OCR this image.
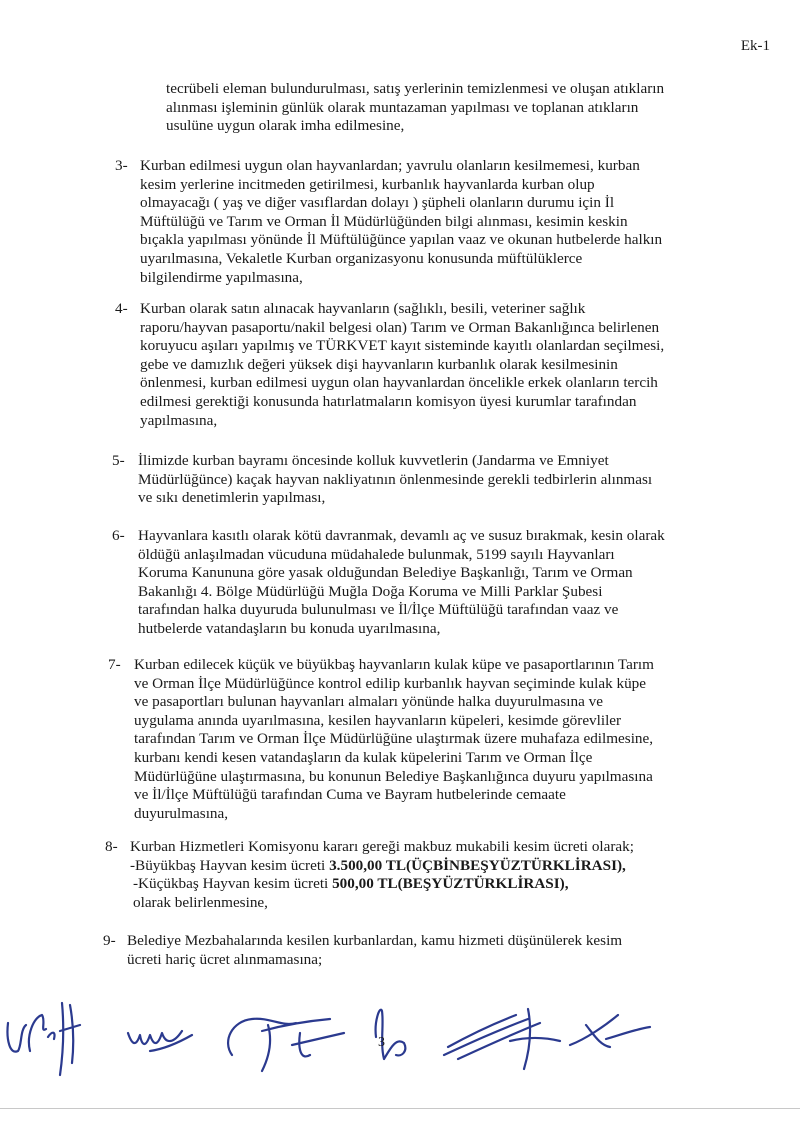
Ek-1
tecrübeli eleman bulundurulması, satış yerlerinin temizlenmesi ve oluşan atıkların
alınması işleminin günlük olarak muntazaman yapılması ve toplanan atıkların
usulüne uygun olarak imha edilmesine,
3- Kurban edilmesi uygun olan hayvanlardan; yavrulu olanların kesilmemesi, kurban
kesim yerlerine incitmeden getirilmesi, kurbanlık hayvanlarda kurban olup
olmayacağı ( yaş ve diğer vasıflardan dolayı ) şüpheli olanların durumu için İl
Müftülüğü ve Tarım ve Orman İl Müdürlüğünden bilgi alınması, kesimin keskin
bıçakla yapılması yönünde İl Müftülüğünce yapılan vaaz ve okunan hutbelerde halkın
uyarılmasına, Vekaletle Kurban organizasyonu konusunda müftülüklerce
bilgilendirme yapılmasına,
4- Kurban olarak satın alınacak hayvanların (sağlıklı, besili, veteriner sağlık
raporu/hayvan pasaportu/nakil belgesi olan) Tarım ve Orman Bakanlığınca belirlenen
koruyucu aşıları yapılmış ve TÜRKVET kayıt sisteminde kayıtlı olanlardan seçilmesi,
gebe ve damızlık değeri yüksek dişi hayvanların kurbanlık olarak kesilmesinin
önlenmesi, kurban edilmesi uygun olan hayvanlardan öncelikle erkek olanların tercih
edilmesi gerektiği konusunda hatırlatmaların komisyon üyesi kurumlar tarafından
yapılmasına,
5- İlimizde kurban bayramı öncesinde kolluk kuvvetlerin (Jandarma ve Emniyet
Müdürlüğünce) kaçak hayvan nakliyatının önlenmesinde gerekli tedbirlerin alınması
ve sıkı denetimlerin yapılması,
6- Hayvanlara kasıtlı olarak kötü davranmak, devamlı aç ve susuz bırakmak, kesin olarak
öldüğü anlaşılmadan vücuduna müdahalede bulunmak, 5199 sayılı Hayvanları
Koruma Kanununa göre yasak olduğundan Belediye Başkanlığı, Tarım ve Orman
Bakanlığı 4. Bölge Müdürlüğü Muğla Doğa Koruma ve Milli Parklar Şubesi
tarafından halka duyuruda bulunulması ve İl/İlçe Müftülüğü tarafından vaaz ve
hutbelerde vatandaşların bu konuda uyarılmasına,
7- Kurban edilecek küçük ve büyükbaş hayvanların kulak küpe ve pasaportlarının Tarım
ve Orman İlçe Müdürlüğünce kontrol edilip kurbanlık hayvan seçiminde kulak küpe
ve pasaportları bulunan hayvanları almaları yönünde halka duyurulmasına ve
uygulama anında uyarılmasına, kesilen hayvanların küpeleri, kesimde görevliler
tarafından Tarım ve Orman İlçe Müdürlüğüne ulaştırmak üzere muhafaza edilmesine,
kurbanı kendi kesen vatandaşların da kulak küpelerini Tarım ve Orman İlçe
Müdürlüğüne ulaştırmasına, bu konunun Belediye Başkanlığınca duyuru yapılmasına
ve İl/İlçe Müftülüğü tarafından Cuma ve Bayram hutbelerinde cemaate
duyurulmasına,
8- Kurban Hizmetleri Komisyonu kararı gereği makbuz mukabili kesim ücreti olarak;
-Büyükbaş Hayvan kesim ücreti 3.500,00 TL(ÜÇBİNBEŞYÜZTÜRKLİRASI),
-Küçükbaş Hayvan kesim ücreti 500,00 TL(BEŞYÜZTÜRKLİRASI),
olarak belirlenmesine,
9- Belediye Mezbahalarında kesilen kurbanlardan, kamu hizmeti düşünülerek kesim
ücreti hariç ücret alınmamasına;
3
